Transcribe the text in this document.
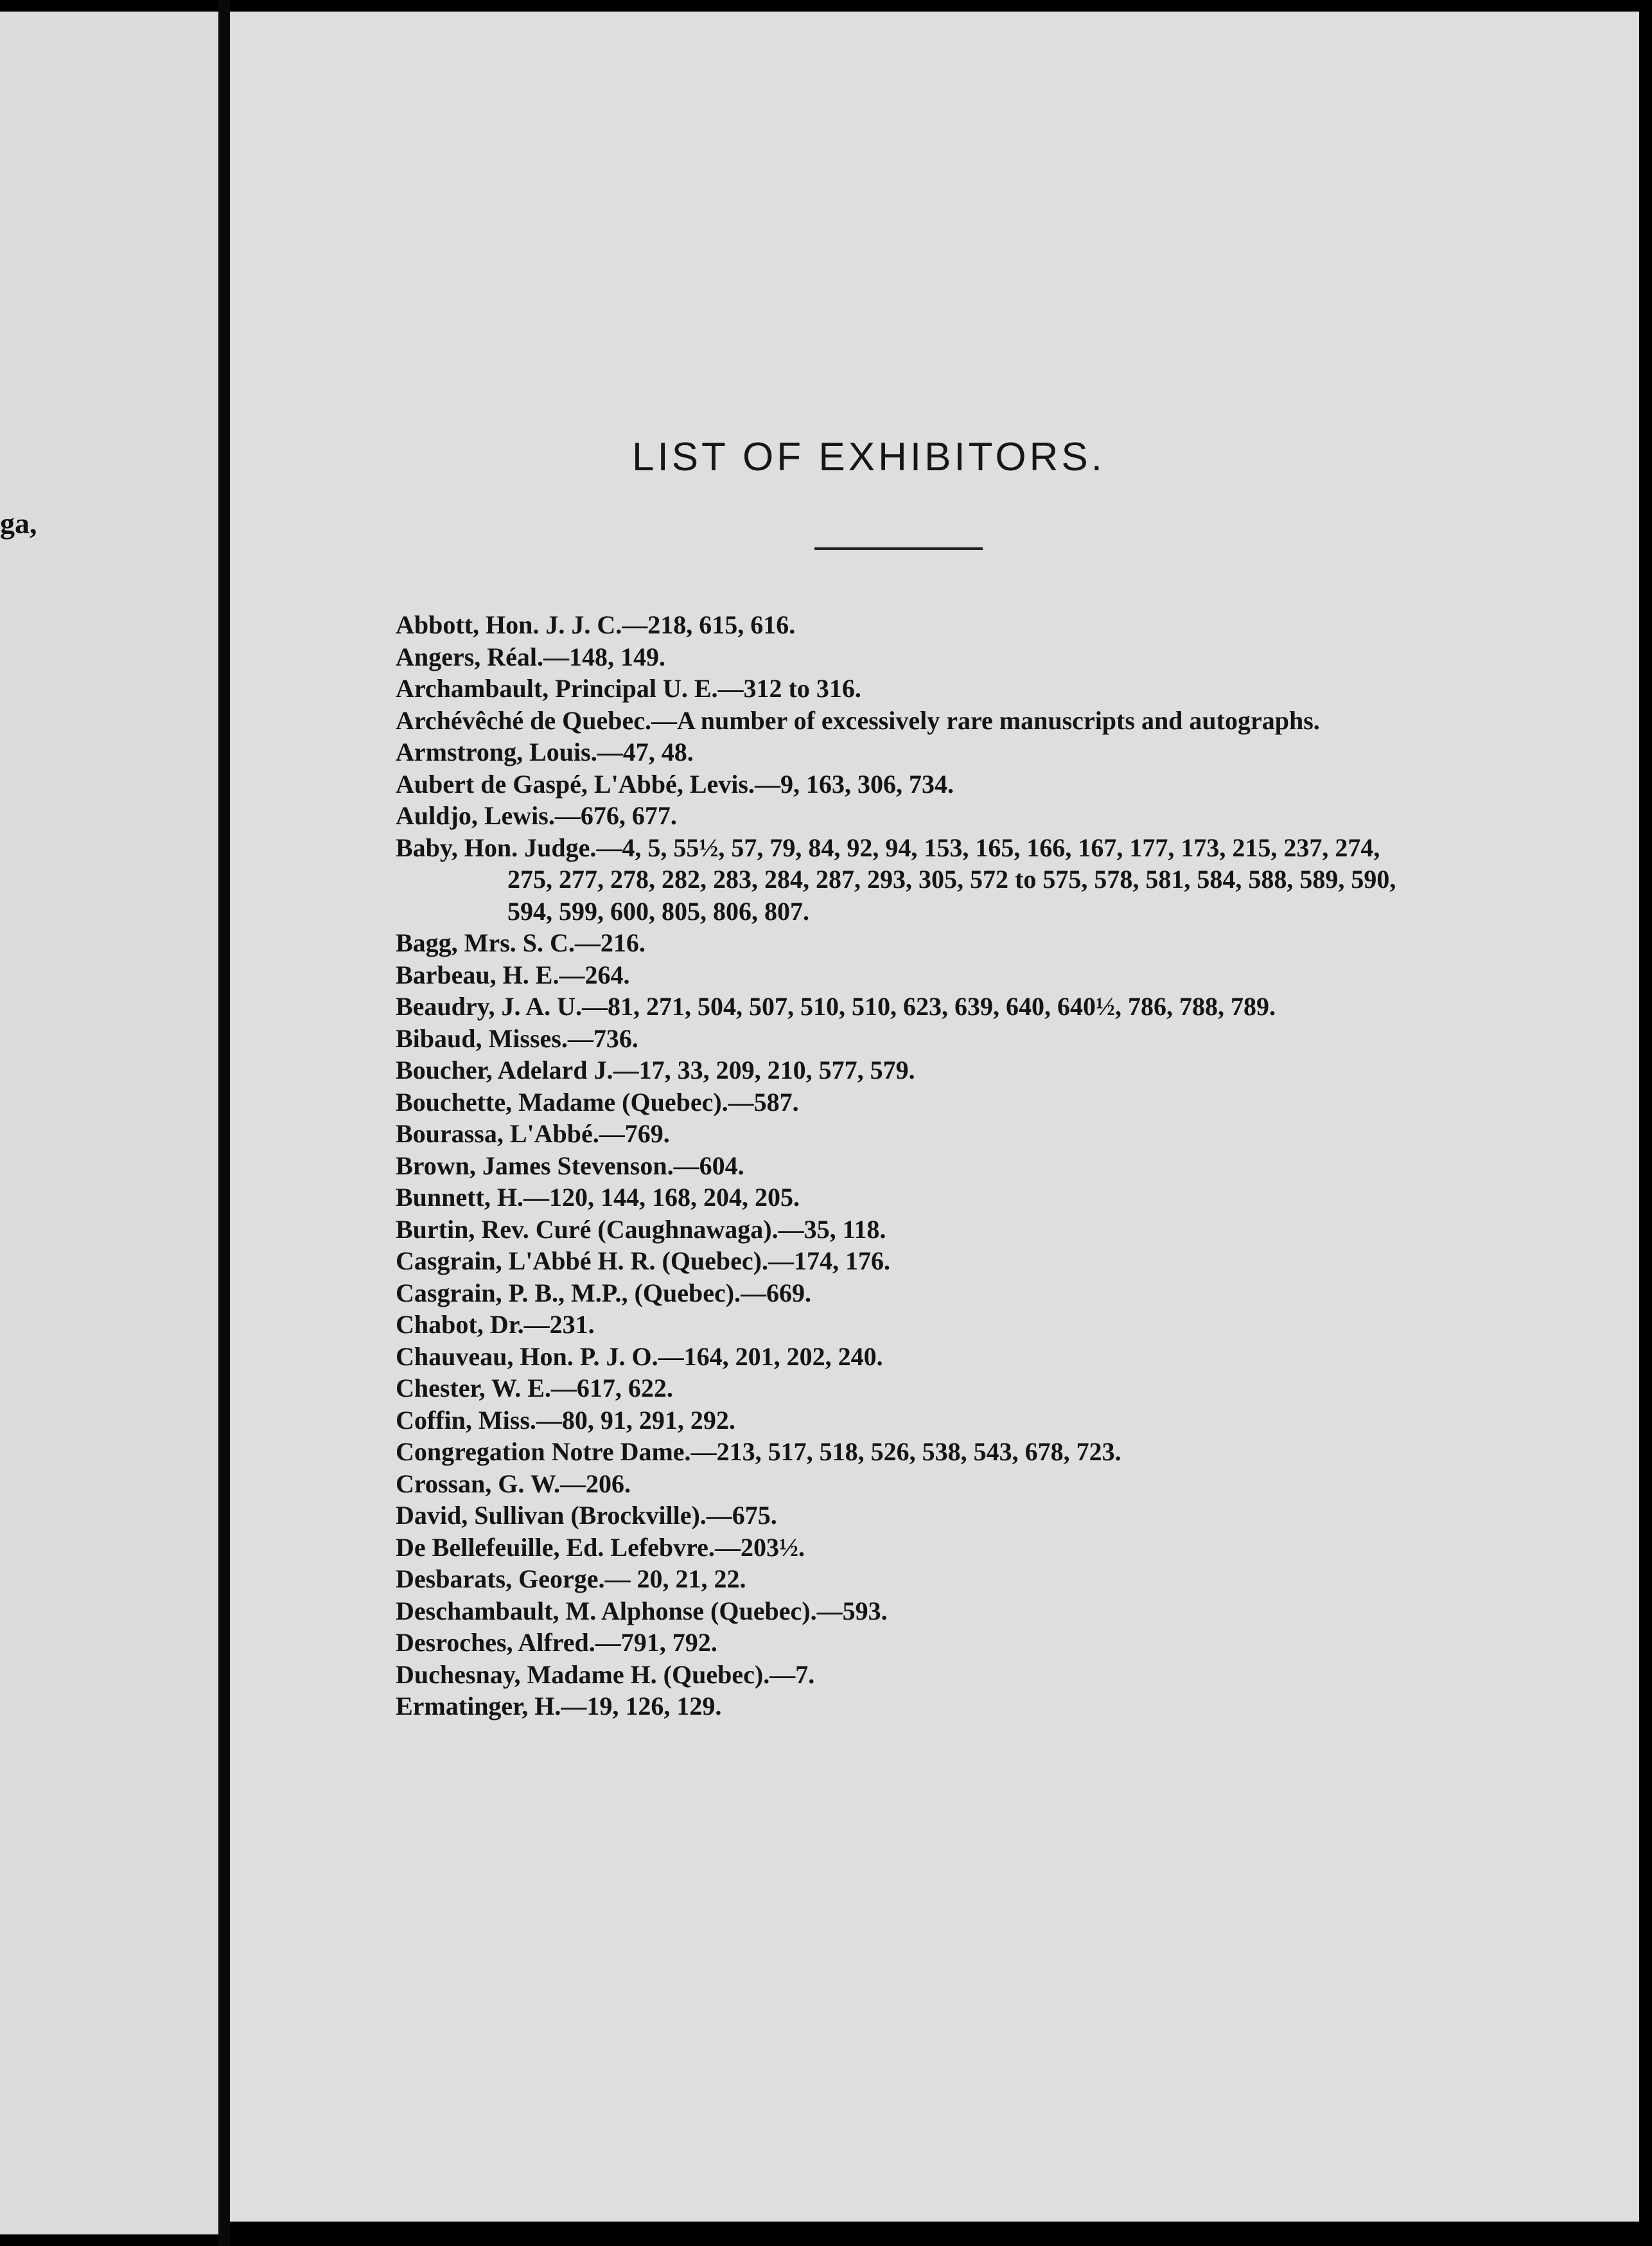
ga,
LIST OF EXHIBITORS.
Abbott, Hon. J. J. C.—218, 615, 616.
Angers, Réal.—148, 149.
Archambault, Principal U. E.—312 to 316.
Archévêché de Quebec.—A number of excessively rare manuscripts and autographs.
Armstrong, Louis.—47, 48.
Aubert de Gaspé, L'Abbé, Levis.—9, 163, 306, 734.
Auldjo, Lewis.—676, 677.
Baby, Hon. Judge.—4, 5, 55½, 57, 79, 84, 92, 94, 153, 165, 166, 167, 177, 173, 215, 237, 274, 275, 277, 278, 282, 283, 284, 287, 293, 305, 572 to 575, 578, 581, 584, 588, 589, 590, 594, 599, 600, 805, 806, 807.
Bagg, Mrs. S. C.—216.
Barbeau, H. E.—264.
Beaudry, J. A. U.—81, 271, 504, 507, 510, 510, 623, 639, 640, 640½, 786, 788, 789.
Bibaud, Misses.—736.
Boucher, Adelard J.—17, 33, 209, 210, 577, 579.
Bouchette, Madame (Quebec).—587.
Bourassa, L'Abbé.—769.
Brown, James Stevenson.—604.
Bunnett, H.—120, 144, 168, 204, 205.
Burtin, Rev. Curé (Caughnawaga).—35, 118.
Casgrain, L'Abbé H. R. (Quebec).—174, 176.
Casgrain, P. B., M.P., (Quebec).—669.
Chabot, Dr.—231.
Chauveau, Hon. P. J. O.—164, 201, 202, 240.
Chester, W. E.—617, 622.
Coffin, Miss.—80, 91, 291, 292.
Congregation Notre Dame.—213, 517, 518, 526, 538, 543, 678, 723.
Crossan, G. W.—206.
David, Sullivan (Brockville).—675.
De Bellefeuille, Ed. Lefebvre.—203½.
Desbarats, George.— 20, 21, 22.
Deschambault, M. Alphonse (Quebec).—593.
Desroches, Alfred.—791, 792.
Duchesnay, Madame H. (Quebec).—7.
Ermatinger, H.—19, 126, 129.
